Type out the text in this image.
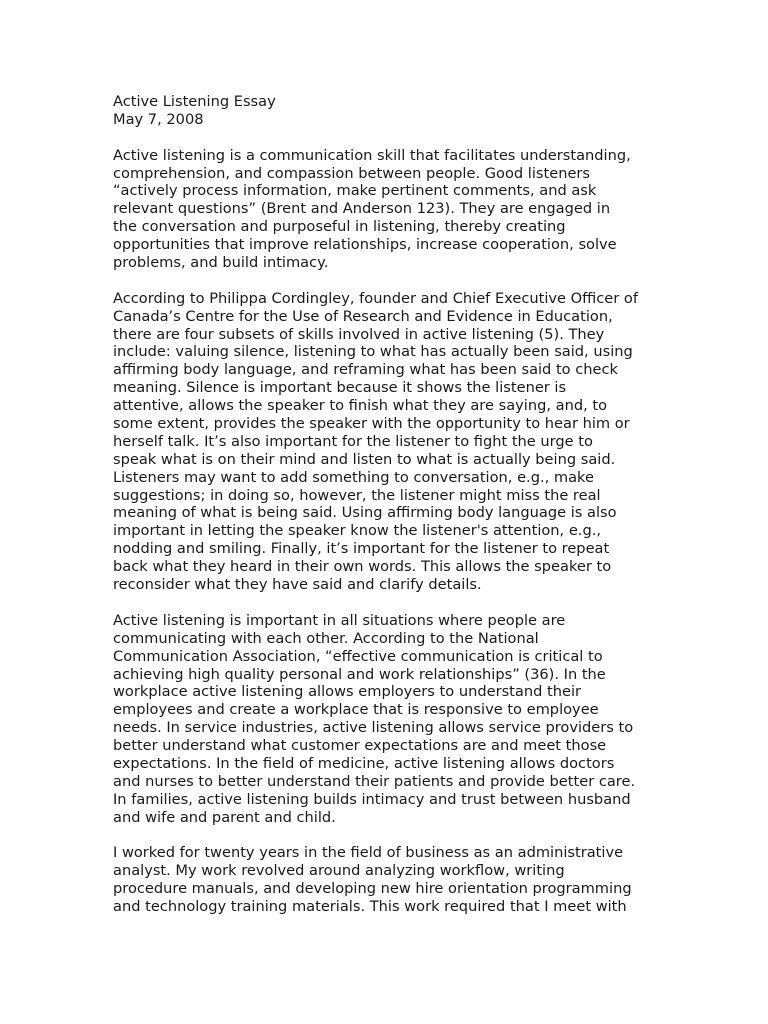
Active Listening Essay
May 7, 2008
Active listening is a communication skill that facilitates understanding,
comprehension, and compassion between people. Good listeners
“actively process information, make pertinent comments, and ask
relevant questions” (Brent and Anderson 123). They are engaged in
the conversation and purposeful in listening, thereby creating
opportunities that improve relationships, increase cooperation, solve
problems, and build intimacy.
According to Philippa Cordingley, founder and Chief Executive Officer of
Canada’s Centre for the Use of Research and Evidence in Education,
there are four subsets of skills involved in active listening (5). They
include: valuing silence, listening to what has actually been said, using
affirming body language, and reframing what has been said to check
meaning. Silence is important because it shows the listener is
attentive, allows the speaker to finish what they are saying, and, to
some extent, provides the speaker with the opportunity to hear him or
herself talk. It’s also important for the listener to fight the urge to
speak what is on their mind and listen to what is actually being said.
Listeners may want to add something to conversation, e.g., make
suggestions; in doing so, however, the listener might miss the real
meaning of what is being said. Using affirming body language is also
important in letting the speaker know the listener's attention, e.g.,
nodding and smiling. Finally, it’s important for the listener to repeat
back what they heard in their own words. This allows the speaker to
reconsider what they have said and clarify details.
Active listening is important in all situations where people are
communicating with each other. According to the National
Communication Association, “effective communication is critical to
achieving high quality personal and work relationships” (36). In the
workplace active listening allows employers to understand their
employees and create a workplace that is responsive to employee
needs. In service industries, active listening allows service providers to
better understand what customer expectations are and meet those
expectations. In the field of medicine, active listening allows doctors
and nurses to better understand their patients and provide better care.
In families, active listening builds intimacy and trust between husband
and wife and parent and child.
I worked for twenty years in the field of business as an administrative
analyst. My work revolved around analyzing workflow, writing
procedure manuals, and developing new hire orientation programming
and technology training materials. This work required that I meet with
